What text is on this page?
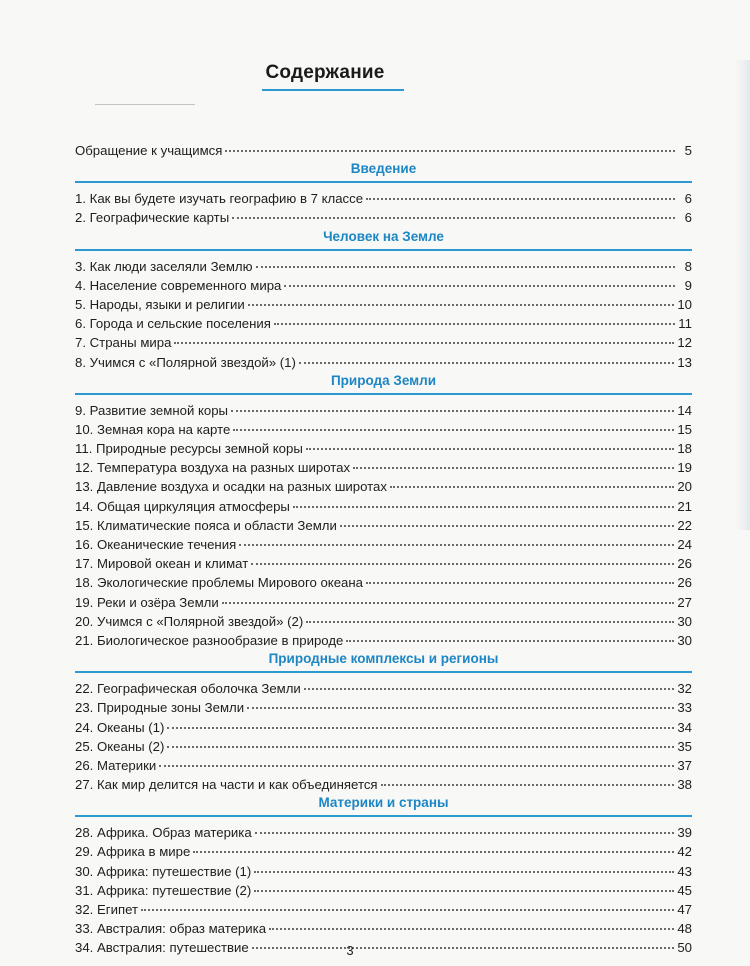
Содержание
Обращение к учащимся	5
Введение
1. Как вы будете изучать географию в 7 классе	6
2. Географические карты	6
Человек на Земле
3. Как люди заселяли Землю	8
4. Население современного мира	9
5. Народы, языки и религии	10
6. Города и сельские поселения	11
7. Страны мира	12
8. Учимся с «Полярной звездой» (1)	13
Природа Земли
9. Развитие земной коры	14
10. Земная кора на карте	15
11. Природные ресурсы земной коры	18
12. Температура воздуха на разных широтах	19
13. Давление воздуха и осадки на разных широтах	20
14. Общая циркуляция атмосферы	21
15. Климатические пояса и области Земли	22
16. Океанические течения	24
17. Мировой океан и климат	26
18. Экологические проблемы Мирового океана	26
19. Реки и озёра Земли	27
20. Учимся с «Полярной звездой» (2)	30
21. Биологическое разнообразие в природе	30
Природные комплексы и регионы
22. Географическая оболочка Земли	32
23. Природные зоны Земли	33
24. Океаны (1)	34
25. Океаны (2)	35
26. Материки	37
27. Как мир делится на части и как объединяется	38
Материки и страны
28. Африка. Образ материка	39
29. Африка в мире	42
30. Африка: путешествие (1)	43
31. Африка: путешествие (2)	45
32. Египет	47
33. Австралия: образ материка	48
34. Австралия: путешествие	50
3
